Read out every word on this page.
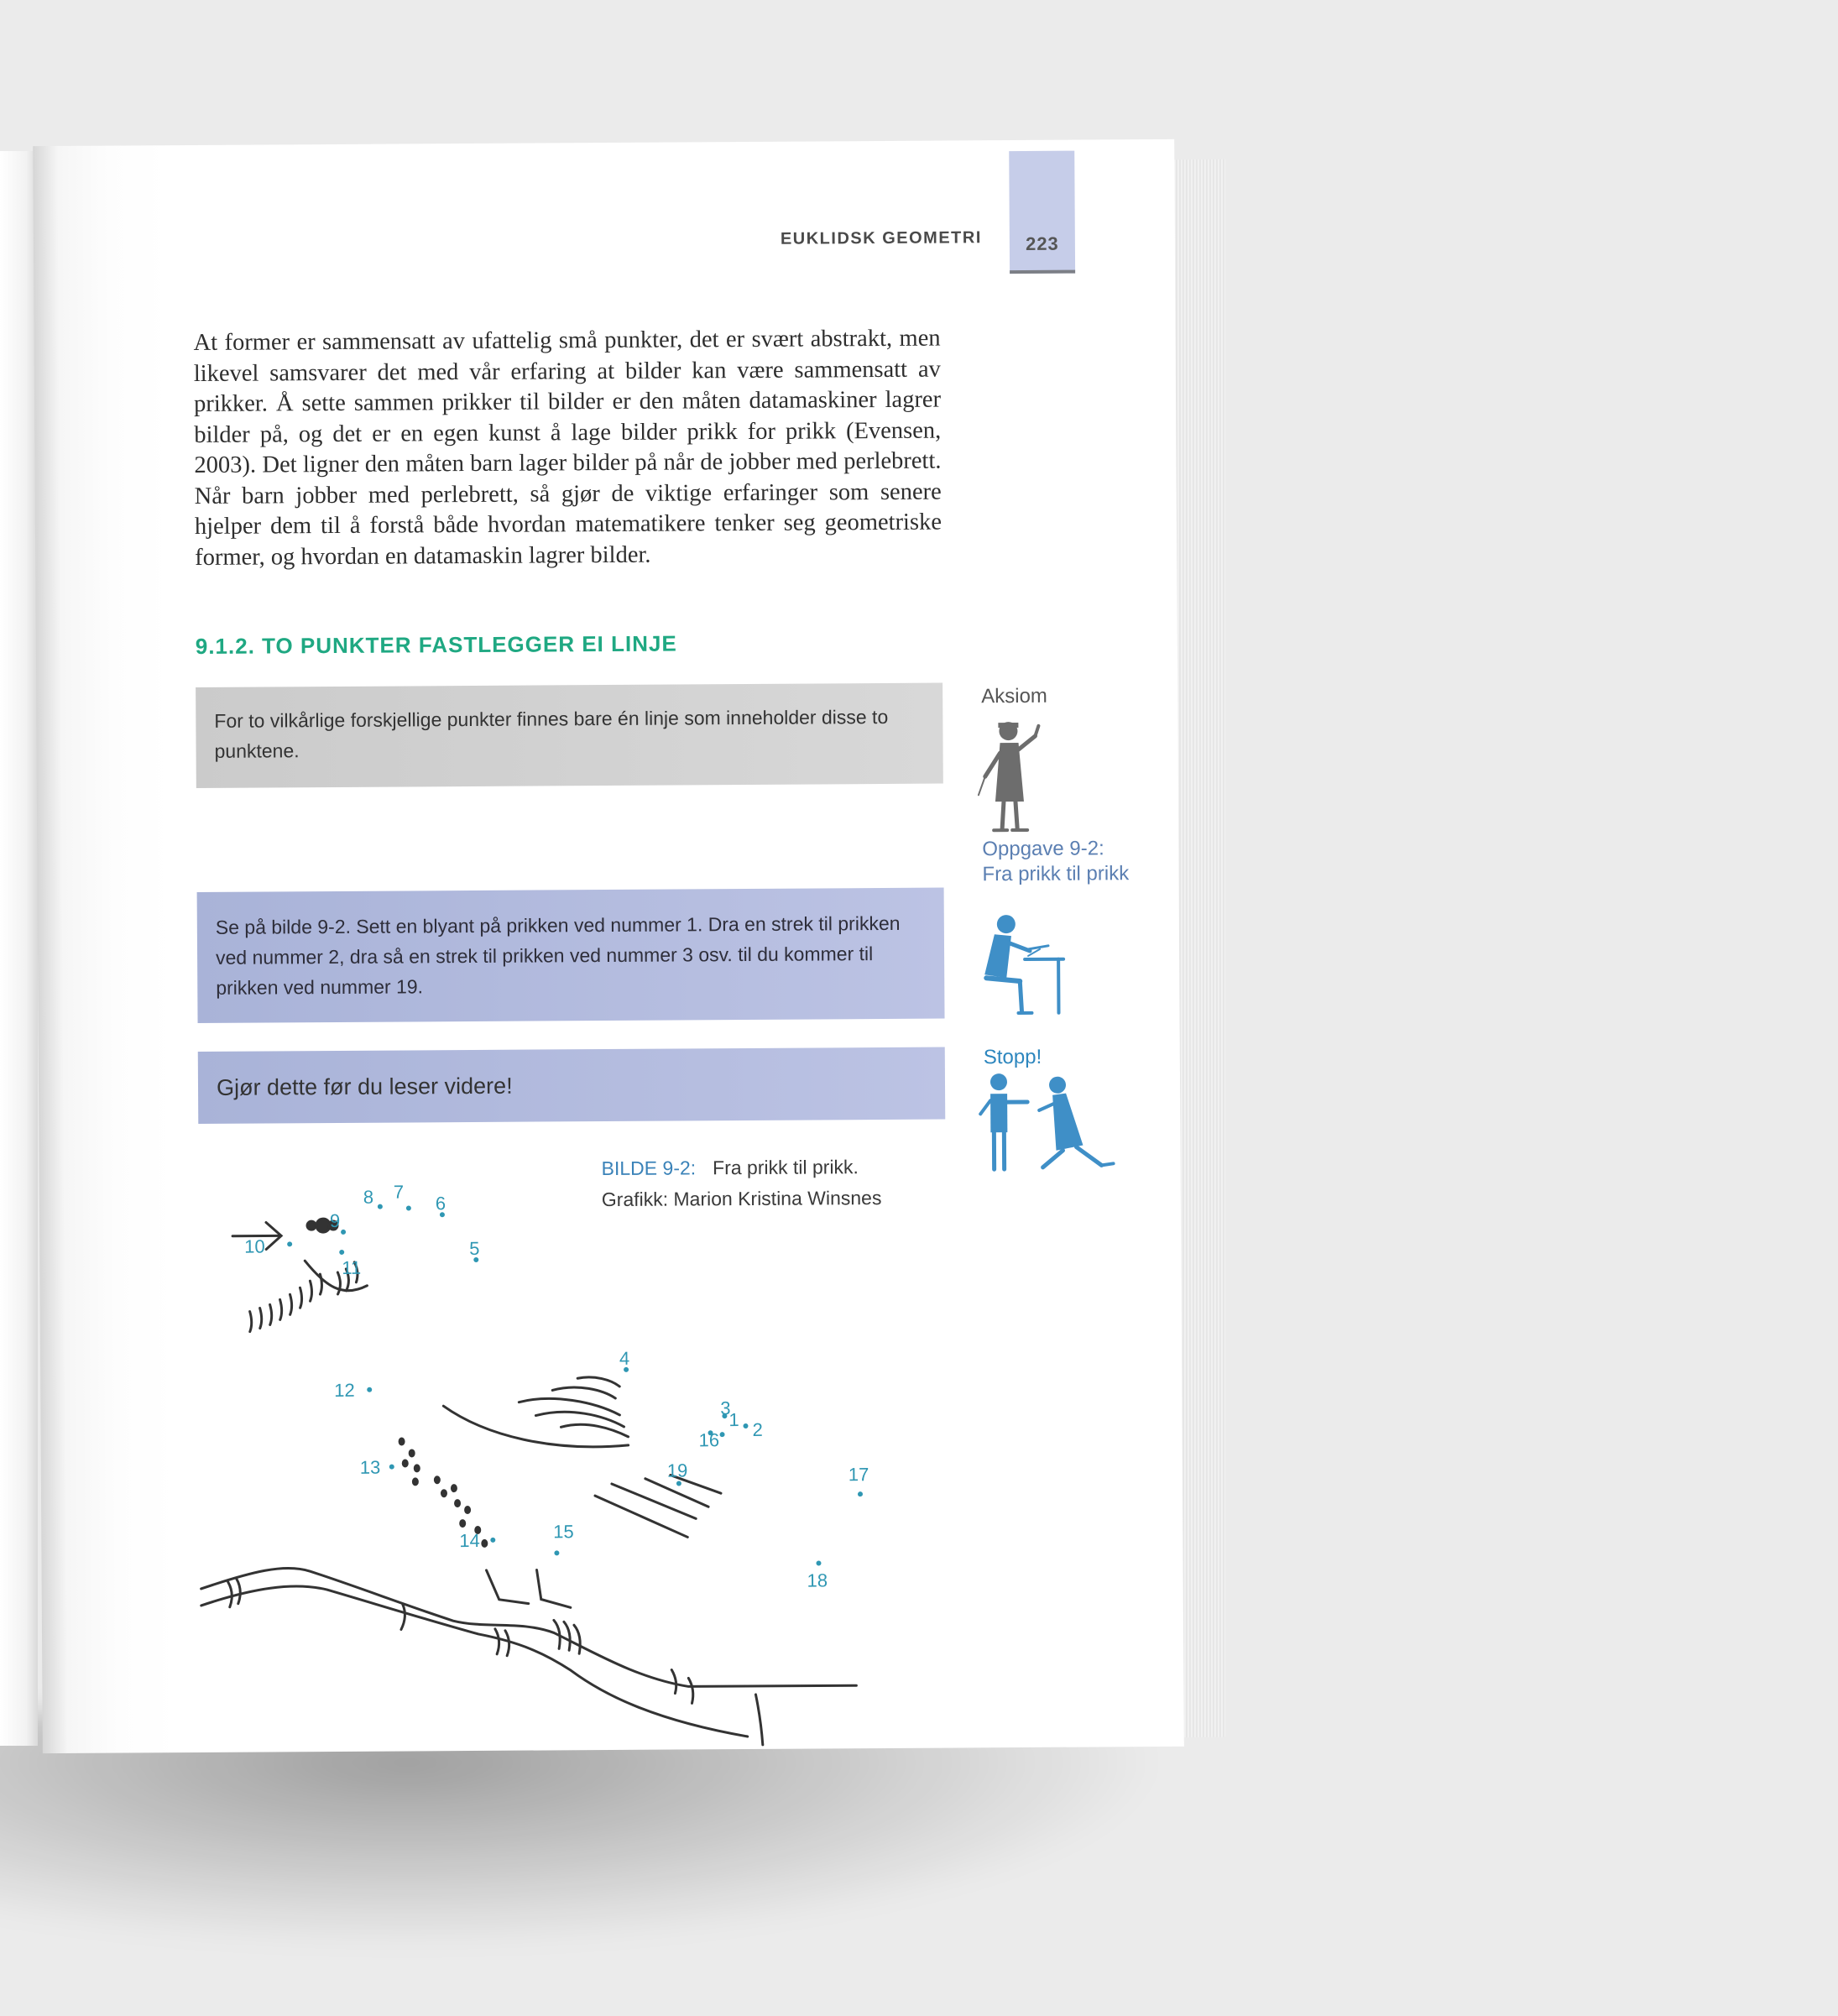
EUKLIDSK GEOMETRI	223

At former er sammensatt av ufattelig små punkter, det er svært abstrakt, men likevel samsvarer det med vår erfaring at bilder kan være sammensatt av prikker. Å sette sammen prikker til bilder er den måten datamaskiner lagrer bilder på, og det er en egen kunst å lage bilder prikk for prikk (Evensen, 2003). Det ligner den måten barn lager bilder på når de jobber med perlebrett. Når barn jobber med perlebrett, så gjør de viktige erfaringer som senere hjelper dem til å forstå både hvordan matematikere tenker seg geometriske former, og hvordan en datamaskin lagrer bilder.

9.1.2. TO PUNKTER FASTLEGGER EI LINJE
For to vilkårlige forskjellige punkter finnes bare én linje som inneholder disse to punktene.
Aksiom
Se på bilde 9-2. Sett en blyant på prikken ved nummer 1. Dra en strek til prikken ved nummer 2, dra så en strek til prikken ved nummer 3 osv. til du kommer til prikken ved nummer 19.
Oppgave 9-2: Fra prikk til prikk
Gjør dette før du leser videre!
Stopp!
BILDE 9-2: Fra prikk til prikk.
Grafikk: Marion Kristina Winsnes
1 2
3
4
5
6
7
8
9
10
11
12
13
14	15
16
17
18
19
